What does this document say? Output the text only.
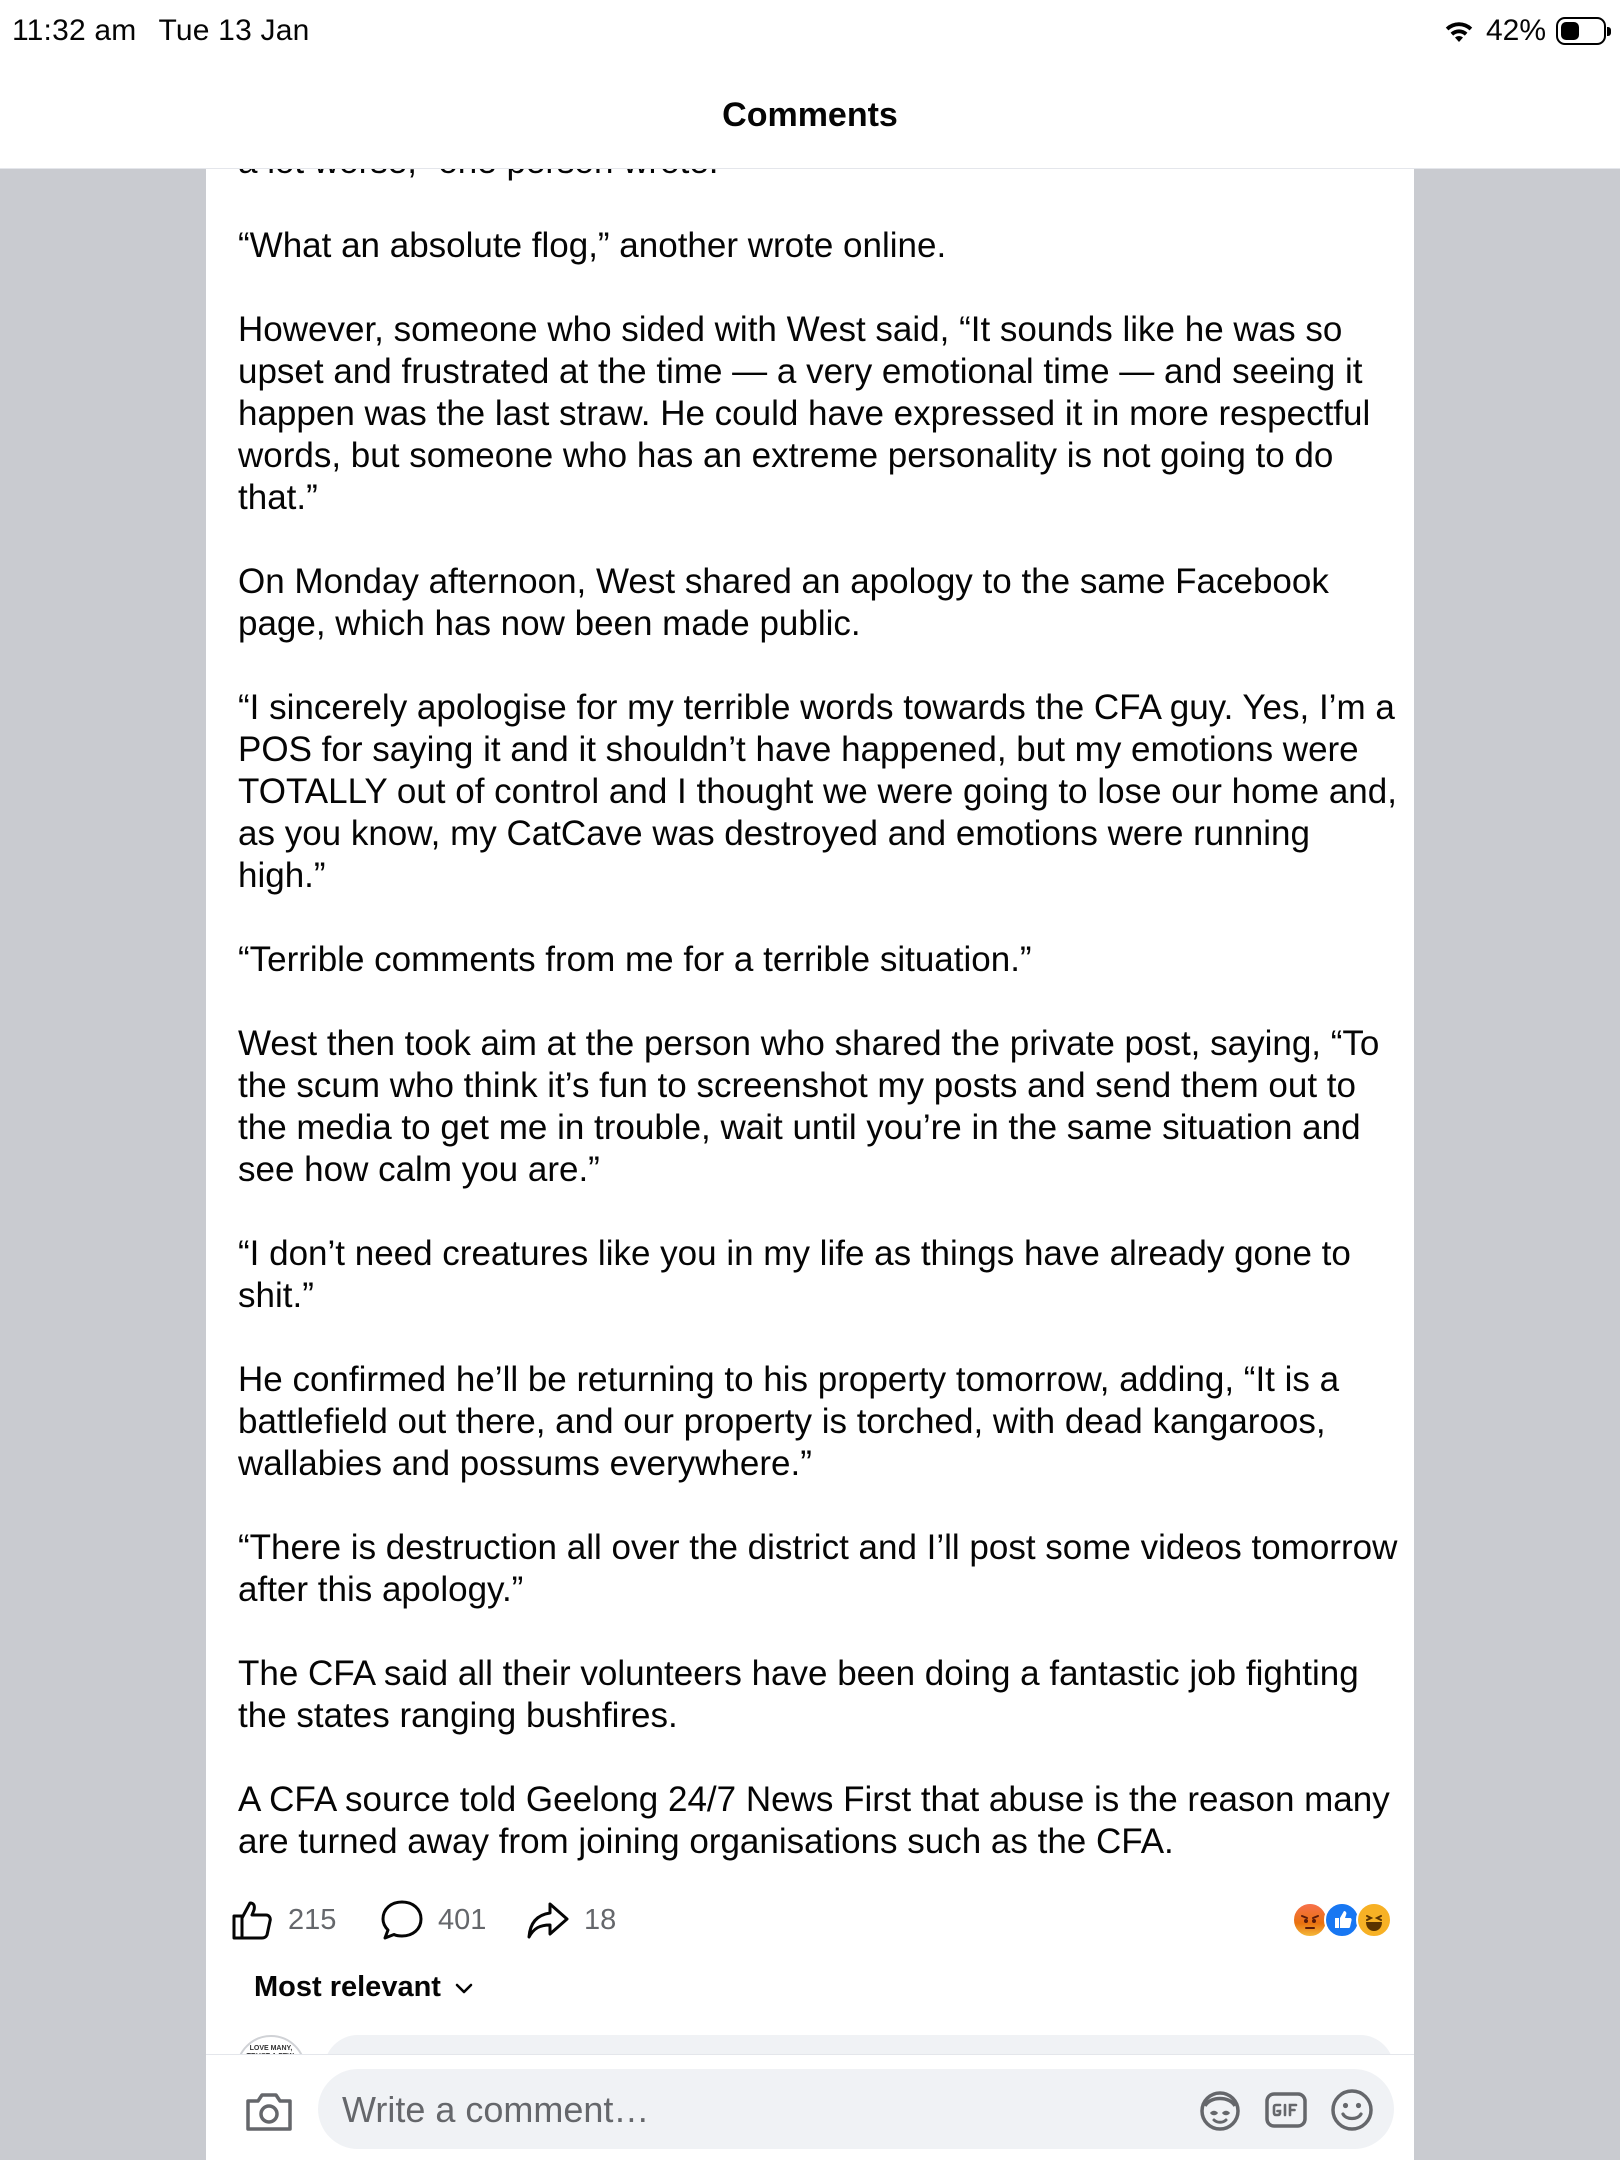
11:32 am Tue 13 Jan	42%
Comments

“What an absolute flog,” another wrote online.

However, someone who sided with West said, “It sounds like he was so upset and frustrated at the time — a very emotional time — and seeing it happen was the last straw. He could have expressed it in more respectful words, but someone who has an extreme personality is not going to do that.”

On Monday afternoon, West shared an apology to the same Facebook page, which has now been made public.

“I sincerely apologise for my terrible words towards the CFA guy. Yes, I’m a POS for saying it and it shouldn’t have happened, but my emotions were TOTALLY out of control and I thought we were going to lose our home and, as you know, my CatCave was destroyed and emotions were running high.”

“Terrible comments from me for a terrible situation.”

West then took aim at the person who shared the private post, saying, “To the scum who think it’s fun to screenshot my posts and send them out to the media to get me in trouble, wait until you’re in the same situation and see how calm you are.”

“I don’t need creatures like you in my life as things have already gone to shit.”

He confirmed he’ll be returning to his property tomorrow, adding, “It is a battlefield out there, and our property is torched, with dead kangaroos, wallabies and possums everywhere.”

“There is destruction all over the district and I’ll post some videos tomorrow after this apology.”

The CFA said all their volunteers have been doing a fantastic job fighting the states ranging bushfires.

A CFA source told Geelong 24/7 News First that abuse is the reason many are turned away from joining organisations such as the CFA.

215	401	18
Most relevant
LOVE MANY,
Write a comment…
